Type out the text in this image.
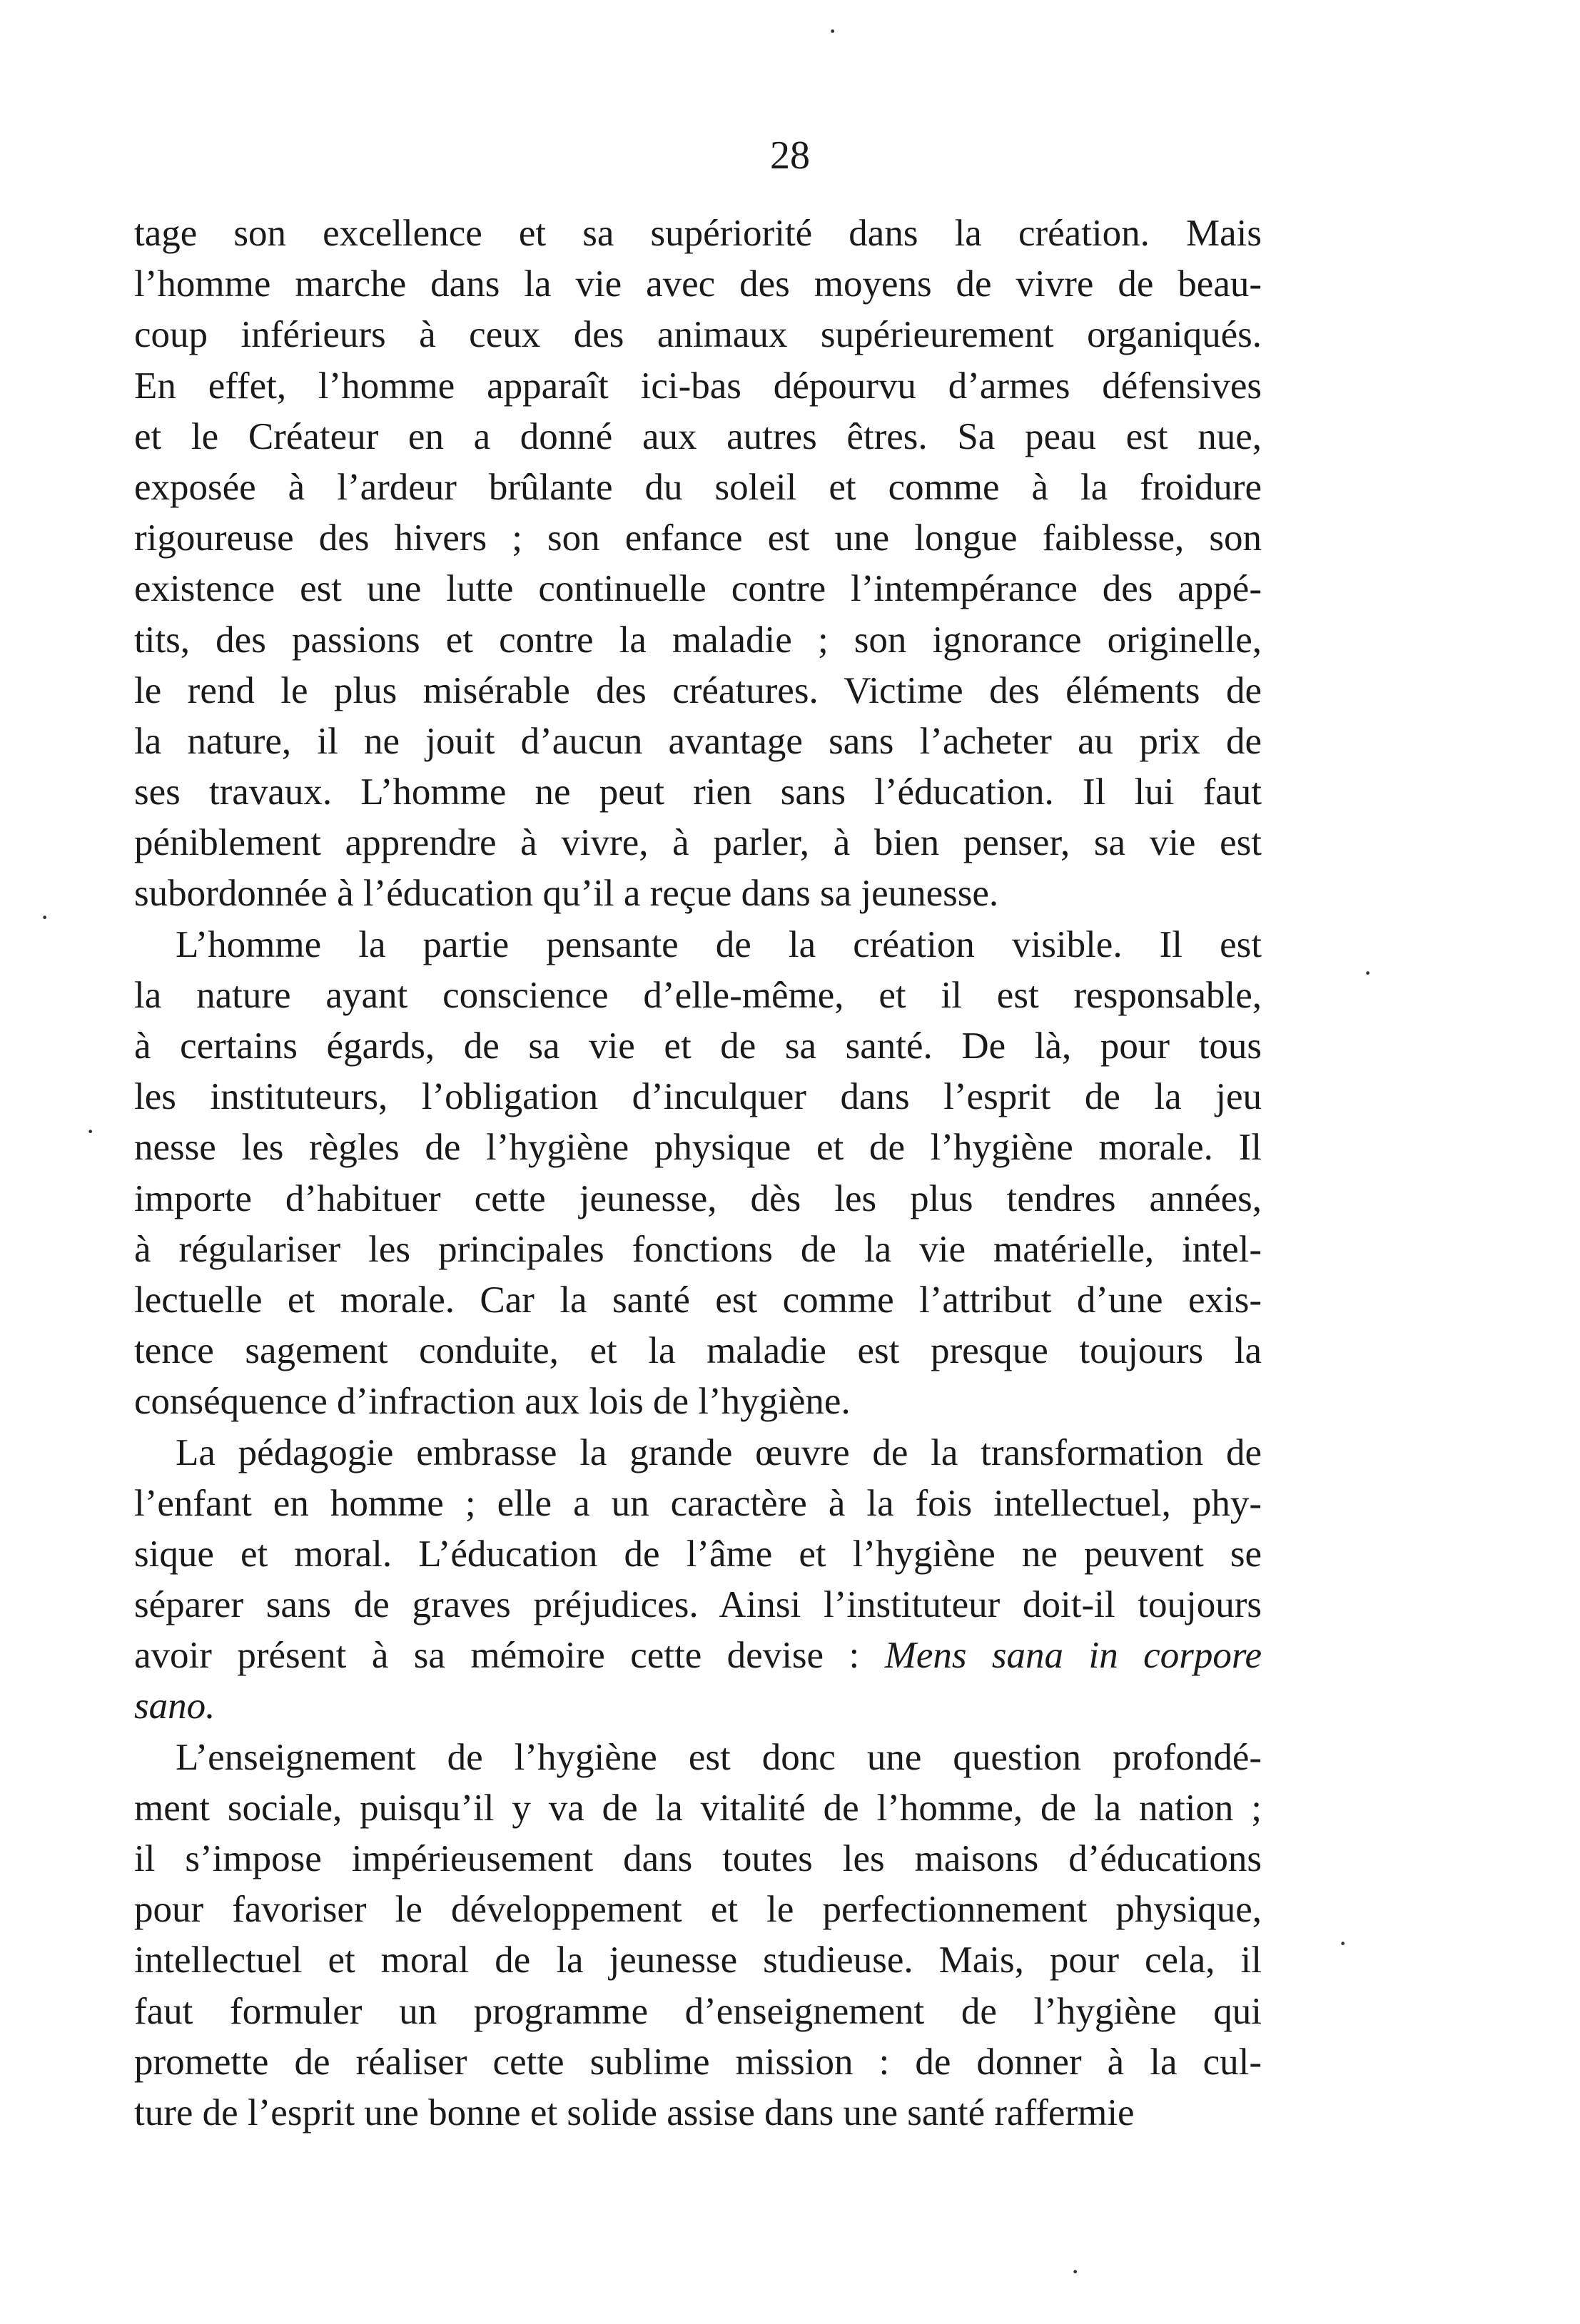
28
tage son excellence et sa supériorité dans la création. Mais
l’homme marche dans la vie avec des moyens de vivre de beau-
coup inférieurs à ceux des animaux supérieurement organiqués.
En effet, l’homme apparaît ici-bas dépourvu d’armes défensives
et le Créateur en a donné aux autres êtres. Sa peau est nue,
exposée à l’ardeur brûlante du soleil et comme à la froidure
rigoureuse des hivers ; son enfance est une longue faiblesse, son
existence est une lutte continuelle contre l’intempérance des appé-
tits, des passions et contre la maladie ; son ignorance originelle,
le rend le plus misérable des créatures. Victime des éléments de
la nature, il ne jouit d’aucun avantage sans l’acheter au prix de
ses travaux. L’homme ne peut rien sans l’éducation. Il lui faut
péniblement apprendre à vivre, à parler, à bien penser, sa vie est
subordonnée à l’éducation qu’il a reçue dans sa jeunesse.
L’homme la partie pensante de la création visible. Il est
la nature ayant conscience d’elle-même, et il est responsable,
à certains égards, de sa vie et de sa santé. De là, pour tous
les instituteurs, l’obligation d’inculquer dans l’esprit de la jeu
nesse les règles de l’hygiène physique et de l’hygiène morale. Il
importe d’habituer cette jeunesse, dès les plus tendres années,
à régulariser les principales fonctions de la vie matérielle, intel-
lectuelle et morale. Car la santé est comme l’attribut d’une exis-
tence sagement conduite, et la maladie est presque toujours la
conséquence d’infraction aux lois de l’hygiène.
La pédagogie embrasse la grande œuvre de la transformation de
l’enfant en homme ; elle a un caractère à la fois intellectuel, phy-
sique et moral. L’éducation de l’âme et l’hygiène ne peuvent se
séparer sans de graves préjudices. Ainsi l’instituteur doit-il toujours
avoir présent à sa mémoire cette devise : Mens sana in corpore
sano.
L’enseignement de l’hygiène est donc une question profondé-
ment sociale, puisqu’il y va de la vitalité de l’homme, de la nation ;
il s’impose impérieusement dans toutes les maisons d’éducations
pour favoriser le développement et le perfectionnement physique,
intellectuel et moral de la jeunesse studieuse. Mais, pour cela, il
faut formuler un programme d’enseignement de l’hygiène qui
promette de réaliser cette sublime mission : de donner à la cul-
ture de l’esprit une bonne et solide assise dans une santé raffermie
·
·
·
·
·
·
